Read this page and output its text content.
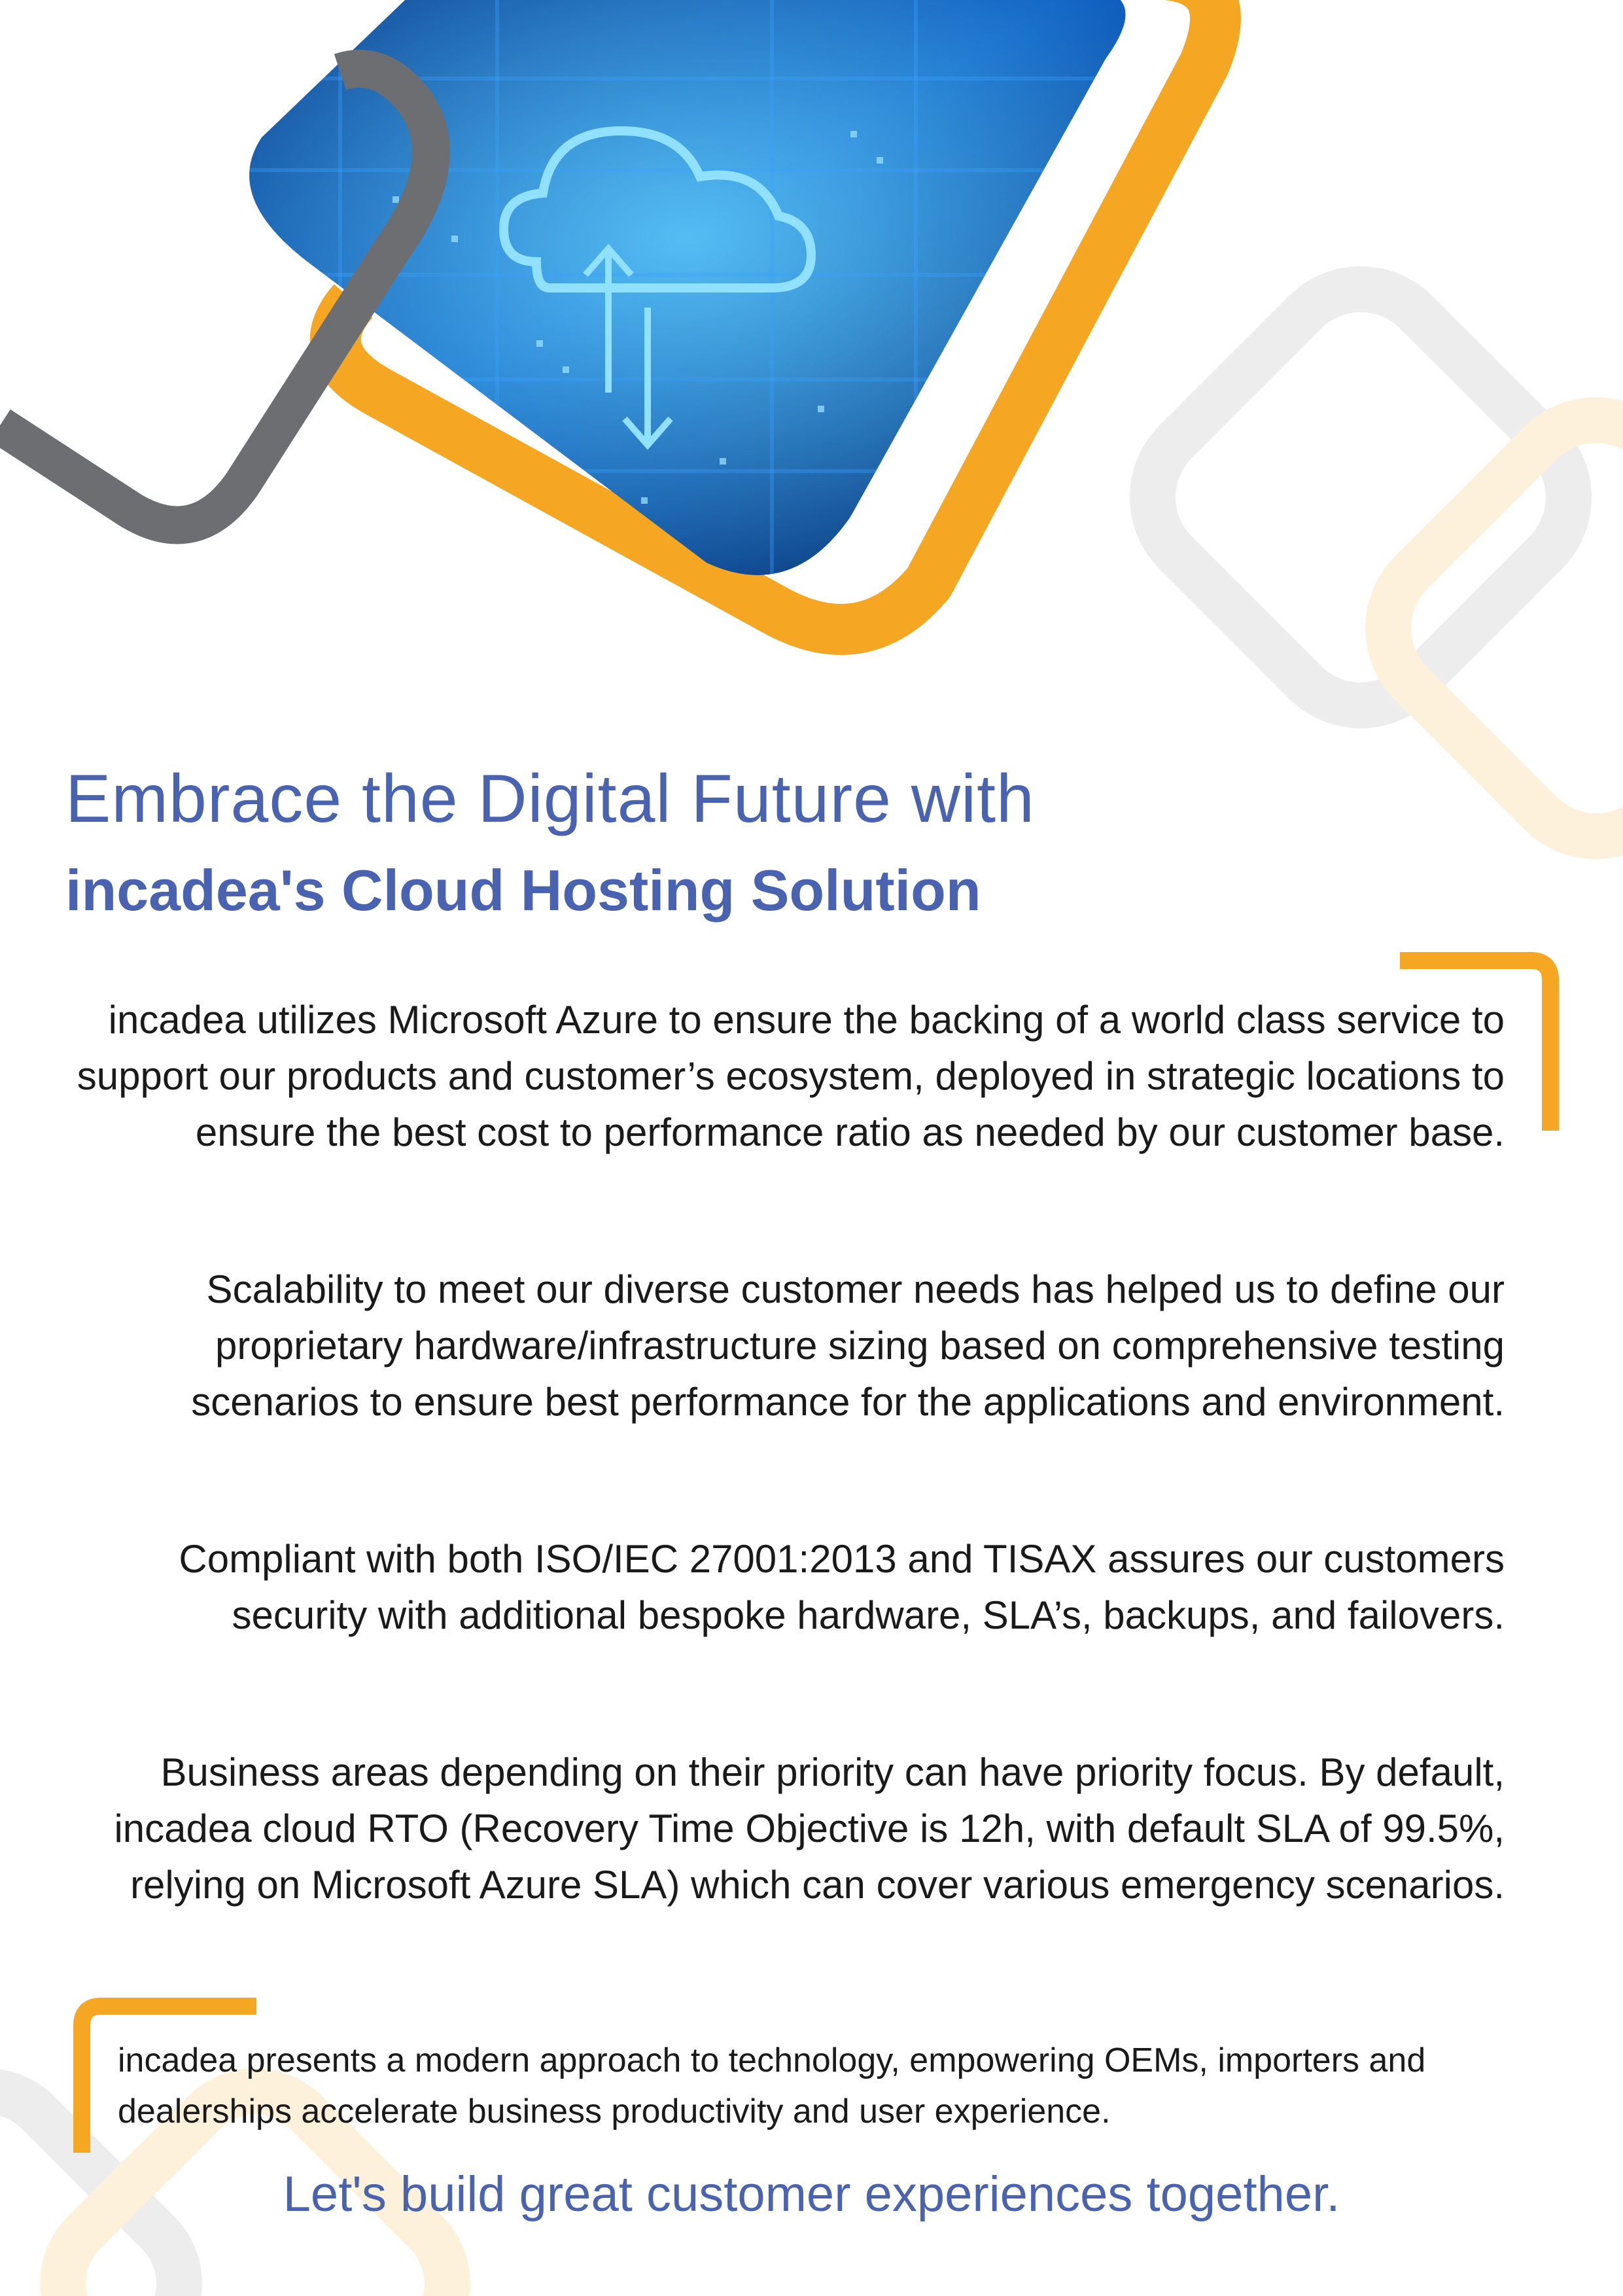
Embrace the Digital Future with
incadea's Cloud Hosting Solution
incadea utilizes Microsoft Azure to ensure the backing of a world class service to support our products and customer’s ecosystem, deployed in strategic locations to ensure the best cost to performance ratio as needed by our customer base.
Scalability to meet our diverse customer needs has helped us to define our proprietary hardware/infrastructure sizing based on comprehensive testing scenarios to ensure best performance for the applications and environment.
Compliant with both ISO/IEC 27001:2013 and TISAX assures our customers security with additional bespoke hardware, SLA’s, backups, and failovers.
Business areas depending on their priority can have priority focus. By default, incadea cloud RTO (Recovery Time Objective is 12h, with default SLA of 99.5%, relying on Microsoft Azure SLA) which can cover various emergency scenarios.
incadea presents a modern approach to technology, empowering OEMs, importers and dealerships accelerate business productivity and user experience.
Let's build great customer experiences together.
